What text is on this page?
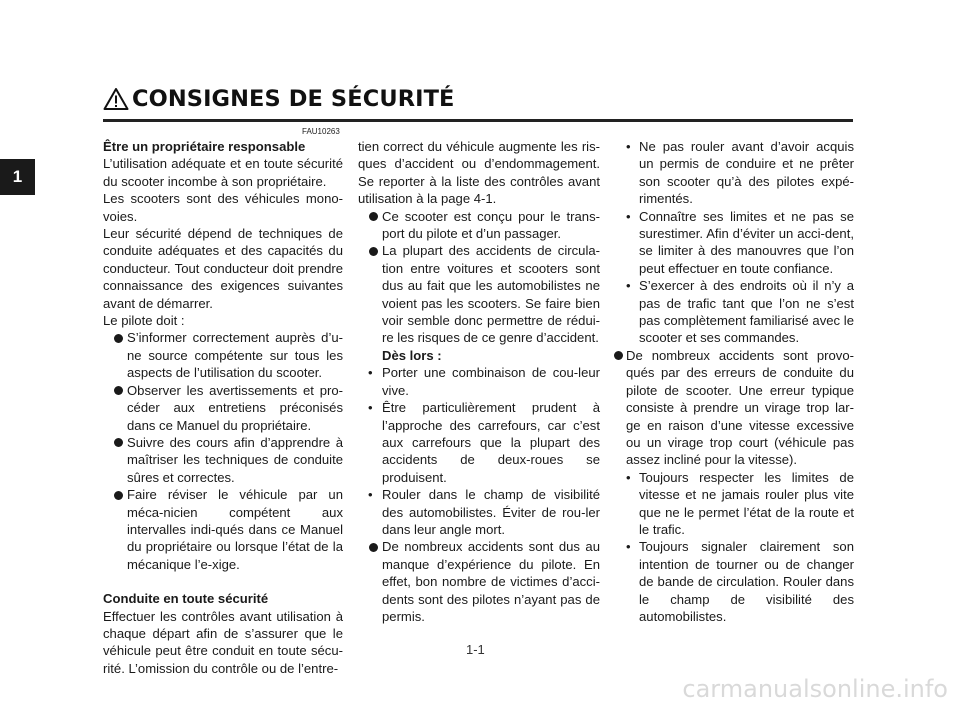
CONSIGNES DE SÉCURITÉ
1
FAU10263
Être un propriétaire responsable
L’utilisation adéquate et en toute sécurité du scooter incombe à son propriétaire.
Les scooters sont des véhicules mono-voies.
Leur sécurité dépend de techniques de conduite adéquates et des capacités du conducteur. Tout conducteur doit prendre connaissance des exigences suivantes avant de démarrer.
Le pilote doit :
S’informer correctement auprès d’u-ne source compétente sur tous les aspects de l’utilisation du scooter.
Observer les avertissements et pro-céder aux entretiens préconisés dans ce Manuel du propriétaire.
Suivre des cours afin d’apprendre à maîtriser les techniques de conduite sûres et correctes.
Faire réviser le véhicule par un méca-nicien compétent aux intervalles indi-qués dans ce Manuel du propriétaire ou lorsque l’état de la mécanique l’e-xige.
Conduite en toute sécurité
Effectuer les contrôles avant utilisation à chaque départ afin de s’assurer que le véhicule peut être conduit en toute sécu-rité. L’omission du contrôle ou de l’entre-
tien correct du véhicule augmente les ris-ques d’accident ou d’endommagement. Se reporter à la liste des contrôles avant utilisation à la page 4-1.
Ce scooter est conçu pour le trans-port du pilote et d’un passager.
La plupart des accidents de circula-tion entre voitures et scooters sont dus au fait que les automobilistes ne voient pas les scooters. Se faire bien voir semble donc permettre de rédui-re les risques de ce genre d’accident.
Dès lors :
• Porter une combinaison de cou-leur vive.
• Être particulièrement prudent à l’approche des carrefours, car c’est aux carrefours que la plupart des accidents de deux-roues se produisent.
• Rouler dans le champ de visibilité des automobilistes. Éviter de rou-ler dans leur angle mort.
De nombreux accidents sont dus au manque d’expérience du pilote. En effet, bon nombre de victimes d’acci-dents sont des pilotes n’ayant pas de permis.
• Ne pas rouler avant d’avoir acquis un permis de conduire et ne prêter son scooter qu’à des pilotes expé-rimentés.
• Connaître ses limites et ne pas se surestimer. Afin d’éviter un acci-dent, se limiter à des manouvres que l’on peut effectuer en toute confiance.
• S’exercer à des endroits où il n’y a pas de trafic tant que l’on ne s’est pas complètement familiarisé avec le scooter et ses commandes.
De nombreux accidents sont provo-qués par des erreurs de conduite du pilote de scooter. Une erreur typique consiste à prendre un virage trop lar-ge en raison d’une vitesse excessive ou un virage trop court (véhicule pas assez incliné pour la vitesse).
• Toujours respecter les limites de vitesse et ne jamais rouler plus vite que ne le permet l’état de la route et le trafic.
• Toujours signaler clairement son intention de tourner ou de changer de bande de circulation. Rouler dans le champ de visibilité des automobilistes.
1-1
carmanualsonline.info
